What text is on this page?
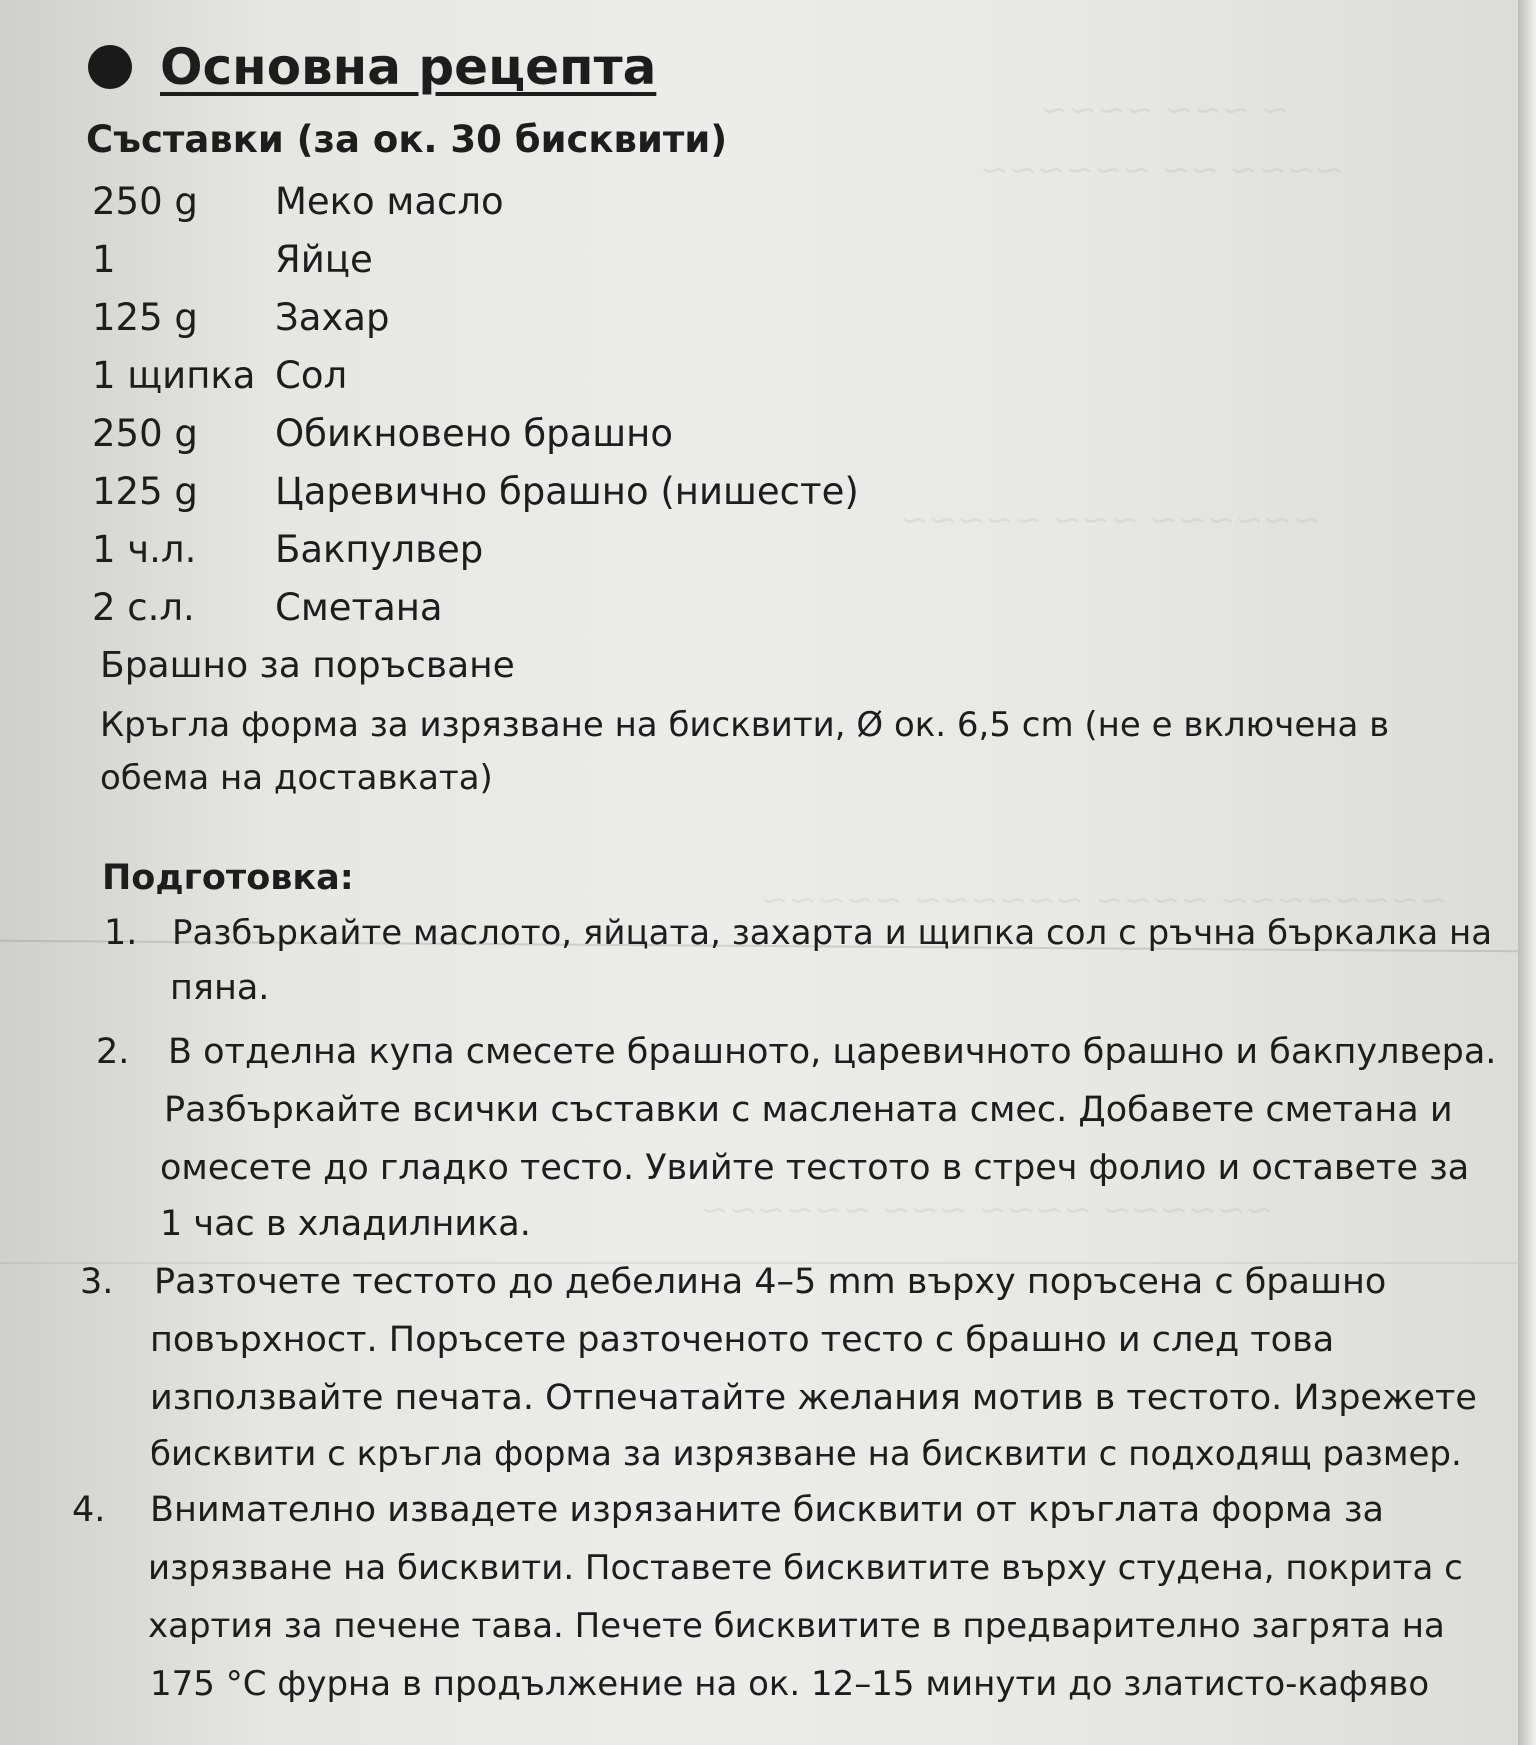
~ ~~~ ~~~~
~~~~ ~~ ~~~~~~
~~~~~~ ~~~ ~~~~~
~~~~~~~~ ~~~~ ~~~~~~ ~~~~~
~~~~~~ ~~~~ ~~~ ~~~~~~
Основна рецепта
Съставки (за ок. 30 бисквити)
250 g Меко масло
1	Яйце
125 g Захар
1 щипка Сол
250 g Обикновено брашно
125 g Царевично брашно (нишесте)
1 ч.л. Бакпулвер
2 с.л. Сметана
Брашно за поръсване
Кръгла форма за изрязване на бисквити, Ø ок. 6,5 cm (не е включена в
обема на доставката)
Подготовка:
1. Разбъркайте маслото, яйцата, захарта и щипка сол с ръчна бъркалка на
пяна.
2. В отделна купа смесете брашното, царевичното брашно и бакпулвера.
Разбъркайте всички съставки с маслената смес. Добавете сметана и
омесете до гладко тесто. Увийте тестото в стреч фолио и оставете за
1 час в хладилника.
3. Разточете тестото до дебелина 4–5 mm върху поръсена с брашно
повърхност. Поръсете разточеното тесто с брашно и след това
използвайте печата. Отпечатайте желания мотив в тестото. Изрежете
бисквити с кръгла форма за изрязване на бисквити с подходящ размер.
4. Внимателно извадете изрязаните бисквити от кръглата форма за
изрязване на бисквити. Поставете бисквитите върху студена, покрита с
хартия за печене тава. Печете бисквитите в предварително загрята на
175 °C фурна в продължение на ок. 12–15 минути до златисто-кафяво
